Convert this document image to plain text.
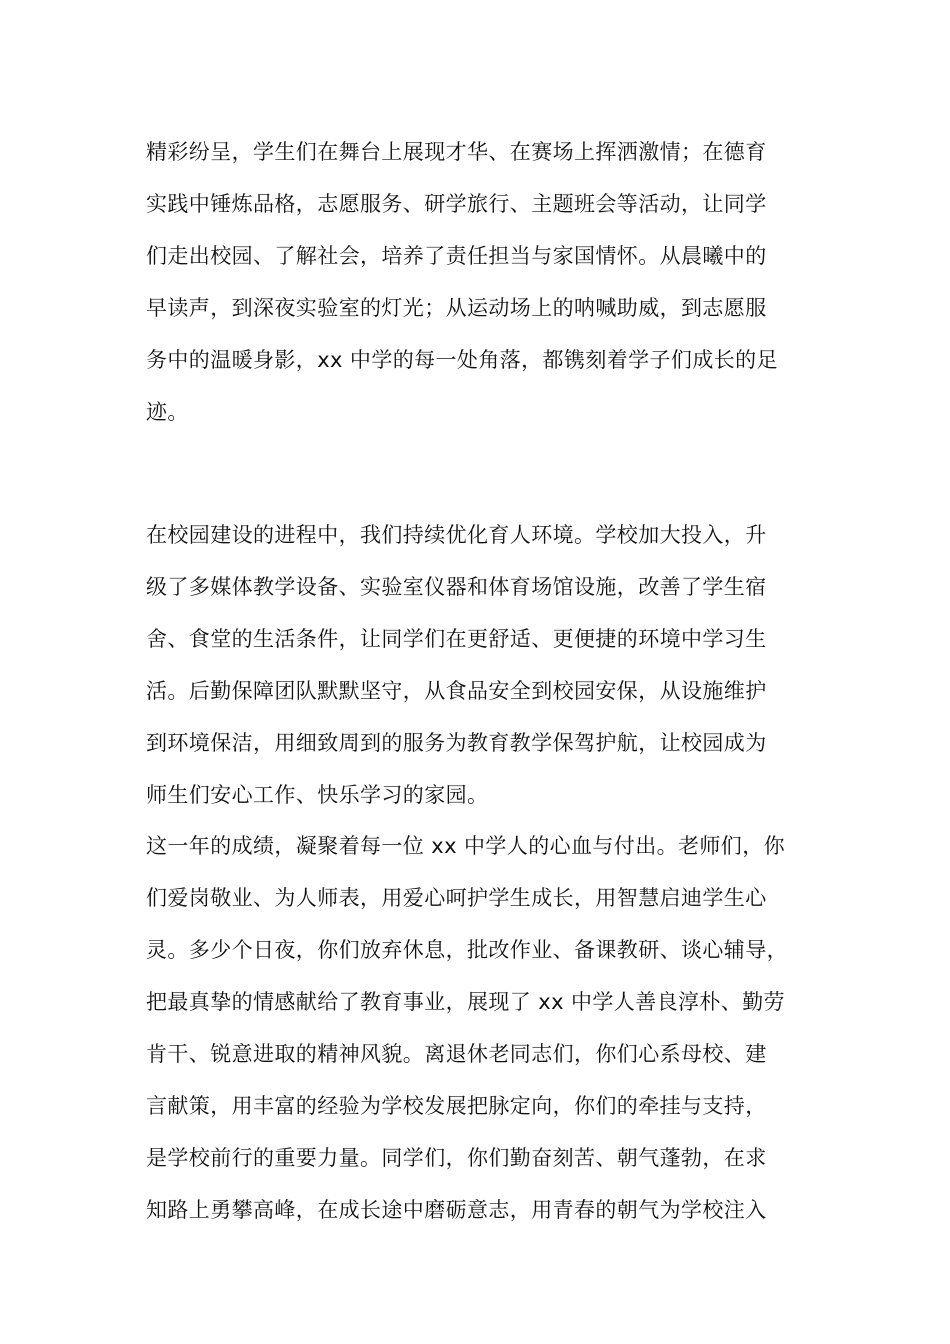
精彩纷呈，学生们在舞台上展现才华、在赛场上挥洒激情；在德育
实践中锤炼品格，志愿服务、研学旅行、主题班会等活动，让同学
们走出校园、了解社会，培养了责任担当与家国情怀。从晨曦中的
早读声，到深夜实验室的灯光；从运动场上的呐喊助威，到志愿服
务中的温暖身影，xx 中学的每一处角落，都镌刻着学子们成长的足
迹。
在校园建设的进程中，我们持续优化育人环境。学校加大投入，升
级了多媒体教学设备、实验室仪器和体育场馆设施，改善了学生宿
舍、食堂的生活条件，让同学们在更舒适、更便捷的环境中学习生
活。后勤保障团队默默坚守，从食品安全到校园安保，从设施维护
到环境保洁，用细致周到的服务为教育教学保驾护航，让校园成为
师生们安心工作、快乐学习的家园。
这一年的成绩，凝聚着每一位 xx 中学人的心血与付出。老师们，你
们爱岗敬业、为人师表，用爱心呵护学生成长，用智慧启迪学生心
灵。多少个日夜，你们放弃休息，批改作业、备课教研、谈心辅导，
把最真挚的情感献给了教育事业，展现了 xx 中学人善良淳朴、勤劳
肯干、锐意进取的精神风貌。离退休老同志们，你们心系母校、建
言献策，用丰富的经验为学校发展把脉定向，你们的牵挂与支持，
是学校前行的重要力量。同学们，你们勤奋刻苦、朝气蓬勃，在求
知路上勇攀高峰，在成长途中磨砺意志，用青春的朝气为学校注入
